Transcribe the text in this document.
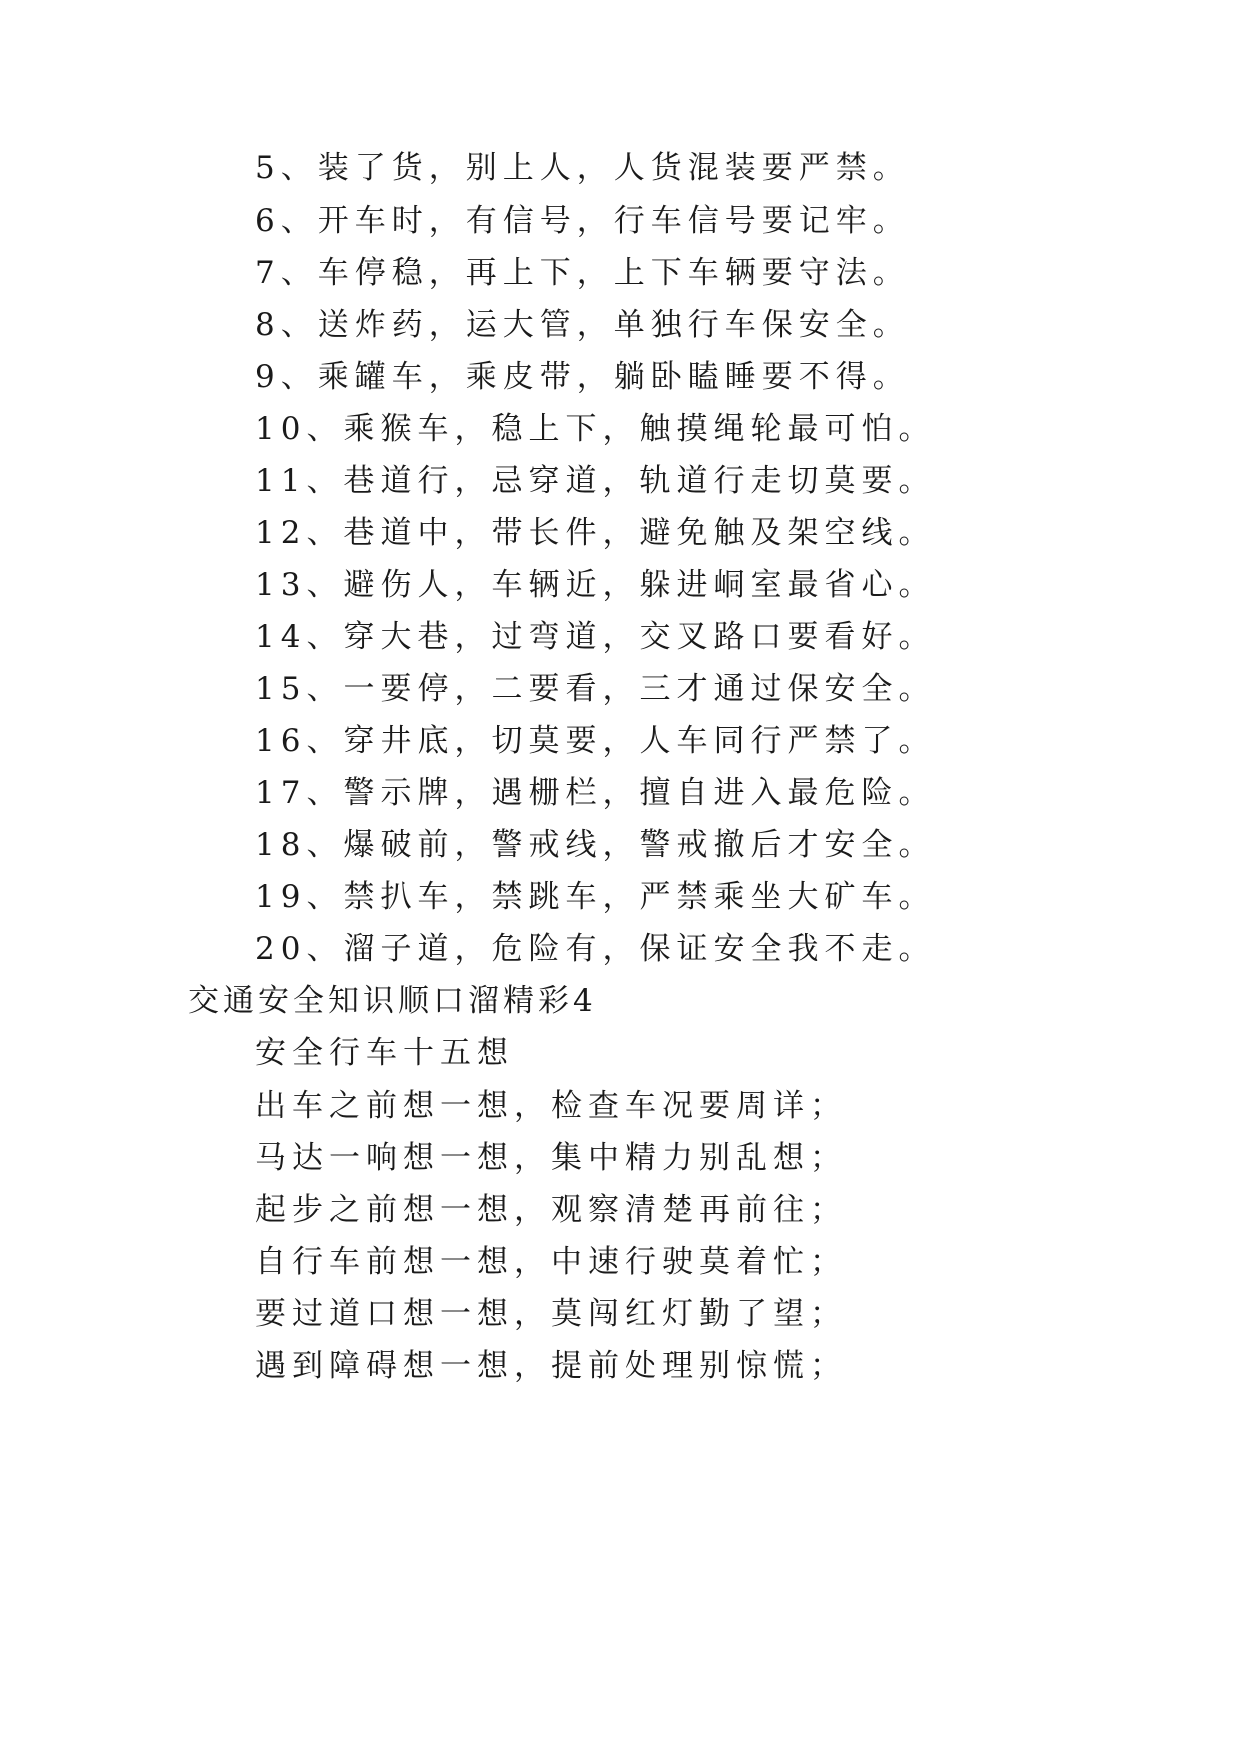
5、装了货，别上人，人货混装要严禁。

6、开车时，有信号，行车信号要记牢。

7、车停稳，再上下，上下车辆要守法。

8、送炸药，运大管，单独行车保安全。

9、乘罐车，乘皮带，躺卧瞌睡要不得。

10、乘猴车，稳上下，触摸绳轮最可怕。

11、巷道行，忌穿道，轨道行走切莫要。

12、巷道中，带长件，避免触及架空线。

13、避伤人，车辆近，躲进峒室最省心。

14、穿大巷，过弯道，交叉路口要看好。

15、一要停，二要看，三才通过保安全。

16、穿井底，切莫要，人车同行严禁了。

17、警示牌，遇栅栏，擅自进入最危险。

18、爆破前，警戒线，警戒撤后才安全。

19、禁扒车，禁跳车，严禁乘坐大矿车。

20、溜子道，危险有，保证安全我不走。

交通安全知识顺口溜精彩4

安全行车十五想

出车之前想一想，检查车况要周详；

马达一响想一想，集中精力别乱想；

起步之前想一想，观察清楚再前往；

自行车前想一想，中速行驶莫着忙；

要过道口想一想，莫闯红灯勤了望；

遇到障碍想一想，提前处理别惊慌；
